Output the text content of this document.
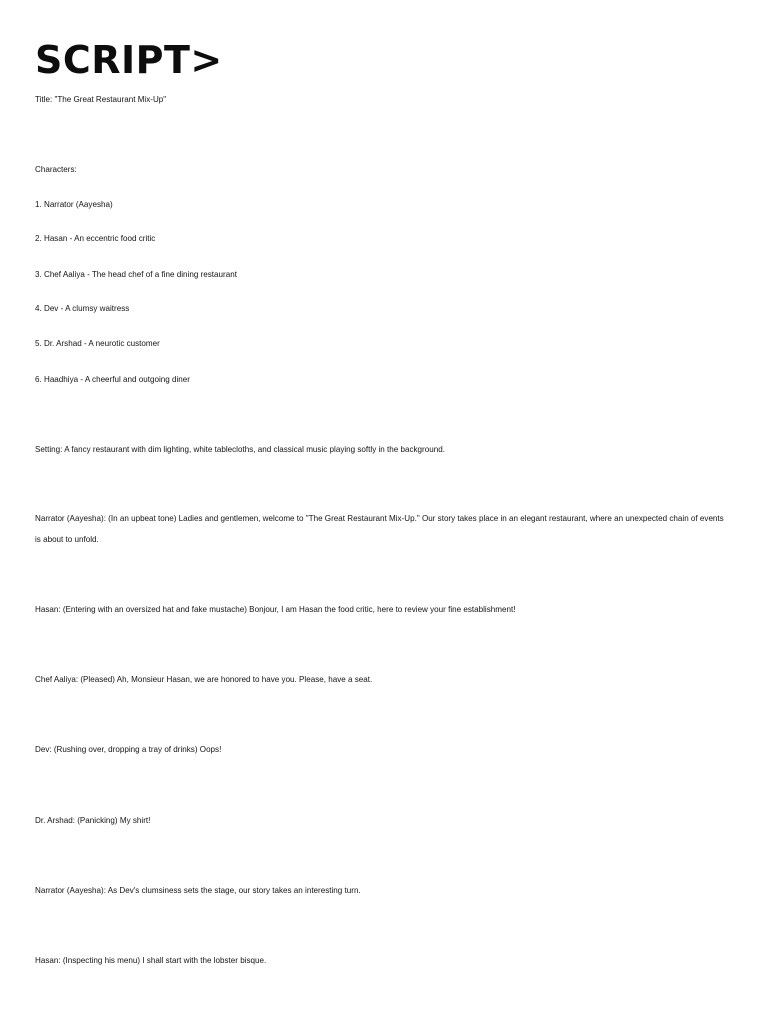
SCRIPT>

Title: "The Great Restaurant Mix-Up"

Characters:

1. Narrator (Aayesha)

2. Hasan - An eccentric food critic

3. Chef Aaliya - The head chef of a fine dining restaurant

4. Dev - A clumsy waitress

5. Dr. Arshad - A neurotic customer

6. Haadhiya - A cheerful and outgoing diner

Setting: A fancy restaurant with dim lighting, white tablecloths, and classical music playing softly in the background.

Narrator (Aayesha): (In an upbeat tone) Ladies and gentlemen, welcome to "The Great Restaurant Mix-Up." Our story takes place in an elegant restaurant, where an unexpected chain of events is about to unfold.

Hasan: (Entering with an oversized hat and fake mustache) Bonjour, I am Hasan the food critic, here to review your fine establishment!

Chef Aaliya: (Pleased) Ah, Monsieur Hasan, we are honored to have you. Please, have a seat.

Dev: (Rushing over, dropping a tray of drinks) Oops!

Dr. Arshad: (Panicking) My shirt!

Narrator (Aayesha): As Dev's clumsiness sets the stage, our story takes an interesting turn.

Hasan: (Inspecting his menu) I shall start with the lobster bisque.
